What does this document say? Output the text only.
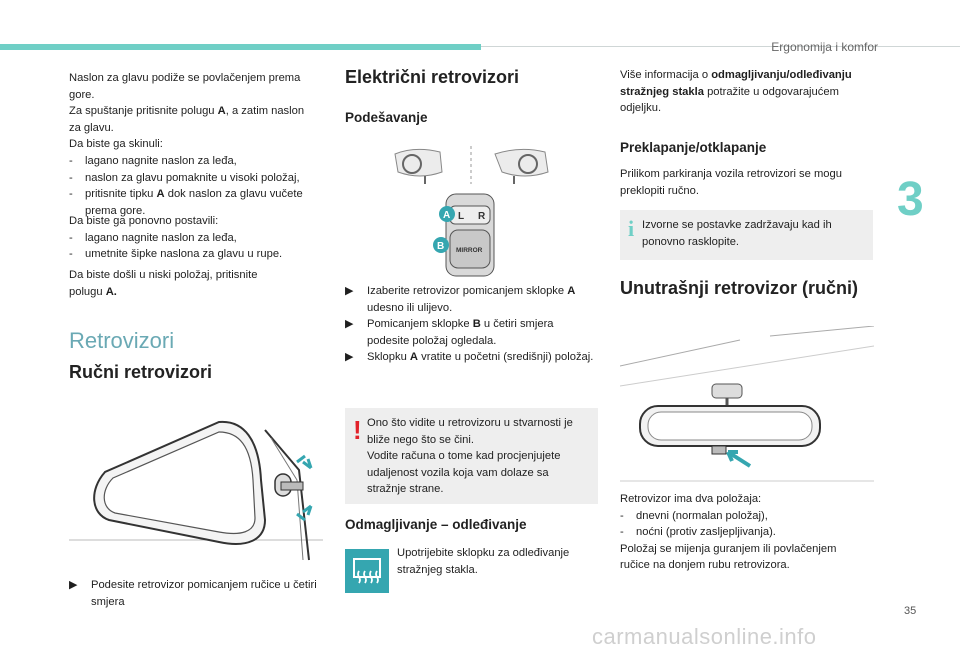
Ergonomija i komfor
3
Naslon za glavu podiže se povlačenjem prema
gore.
Za spuštanje pritisnite polugu A, a zatim naslon
za glavu.
Da biste ga skinuli:
- lagano nagnite naslon za leđa,
- naslon za glavu pomaknite u visoki položaj,
- pritisnite tipku A dok naslon za glavu vučete prema gore.
Da biste ga ponovno postavili:
- lagano nagnite naslon za leđa,
- umetnite šipke naslona za glavu u rupe.
Da biste došli u niski položaj, pritisnite
polugu A.
Retrovizori
Ručni retrovizori
▶ Podesite retrovizor pomicanjem ručice u četiri smjera
Električni retrovizori
Podešavanje
L R
MIRROR
A
B
▶ Izaberite retrovizor pomicanjem sklopke A udesno ili ulijevo.
▶ Pomicanjem sklopke B u četiri smjera podesite položaj ogledala.
▶ Sklopku A vratite u početni (središnji) položaj.
! Ono što vidite u retrovizoru u stvarnosti je
bliže nego što se čini.
Vodite računa o tome kad procjenjujete
udaljenost vozila koja vam dolaze sa
stražnje strane.
Odmagljivanje – odleđivanje
Upotrijebite sklopku za odleđivanje
stražnjeg stakla.
Više informacija o odmagljivanju/odleđivanju
stražnjeg stakla potražite u odgovarajućem
odjeljku.
Preklapanje/otklapanje
Prilikom parkiranja vozila retrovizori se mogu
preklopiti ručno.
i Izvorne se postavke zadržavaju kad ih
ponovno rasklopite.
Unutrašnji retrovizor (ručni)
Retrovizor ima dva položaja:
- dnevni (normalan položaj),
- noćni (protiv zasljepljivanja).
Položaj se mijenja guranjem ili povlačenjem
ručice na donjem rubu retrovizora.
35
carmanualsonline.info
